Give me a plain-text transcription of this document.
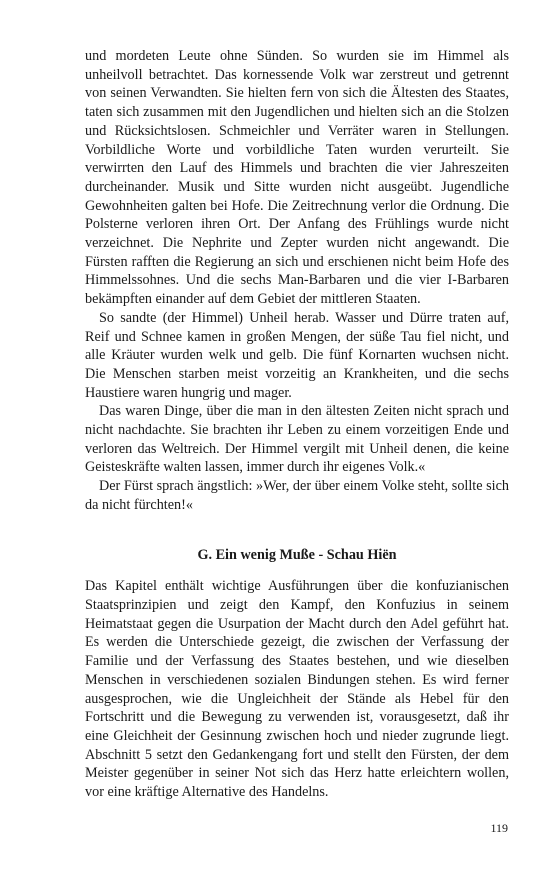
und mordeten Leute ohne Sünden. So wurden sie im Himmel als unheilvoll betrachtet. Das kornessende Volk war zerstreut und getrennt von seinen Verwandten. Sie hielten fern von sich die Ältesten des Staates, taten sich zusammen mit den Jugendlichen und hielten sich an die Stolzen und Rücksichtslosen. Schmeichler und Verräter waren in Stellungen. Vorbildliche Worte und vorbildliche Taten wurden verurteilt. Sie verwirrten den Lauf des Himmels und brachten die vier Jahreszeiten durcheinander. Musik und Sitte wurden nicht ausgeübt. Jugendliche Gewohnheiten galten bei Hofe. Die Zeitrechnung verlor die Ordnung. Die Polsterne verloren ihren Ort. Der Anfang des Frühlings wurde nicht verzeichnet. Die Nephrite und Zepter wurden nicht angewandt. Die Fürsten rafften die Regierung an sich und erschienen nicht beim Hofe des Himmelssohnes. Und die sechs Man-Barbaren und die vier I-Barbaren bekämpften einander auf dem Gebiet der mittleren Staaten.

So sandte (der Himmel) Unheil herab. Wasser und Dürre traten auf, Reif und Schnee kamen in großen Mengen, der süße Tau fiel nicht, und alle Kräuter wurden welk und gelb. Die fünf Kornarten wuchsen nicht. Die Menschen starben meist vorzeitig an Krankheiten, und die sechs Haustiere waren hungrig und mager.

Das waren Dinge, über die man in den ältesten Zeiten nicht sprach und nicht nachdachte. Sie brachten ihr Leben zu einem vorzeitigen Ende und verloren das Weltreich. Der Himmel vergilt mit Unheil denen, die keine Geisteskräfte walten lassen, immer durch ihr eigenes Volk.«

Der Fürst sprach ängstlich: »Wer, der über einem Volke steht, sollte sich da nicht fürchten!«

G. Ein wenig Muße - Schau Hiën

Das Kapitel enthält wichtige Ausführungen über die konfuzianischen Staatsprinzipien und zeigt den Kampf, den Konfuzius in seinem Heimatstaat gegen die Usurpation der Macht durch den Adel geführt hat. Es werden die Unterschiede gezeigt, die zwischen der Verfassung der Familie und der Verfassung des Staates bestehen, und wie dieselben Menschen in verschiedenen sozialen Bindungen stehen. Es wird ferner ausgesprochen, wie die Ungleichheit der Stände als Hebel für den Fortschritt und die Bewegung zu verwenden ist, vorausgesetzt, daß ihr eine Gleichheit der Gesinnung zwischen hoch und nieder zugrunde liegt. Abschnitt 5 setzt den Gedankengang fort und stellt den Fürsten, der dem Meister gegenüber in seiner Not sich das Herz hatte erleichtern wollen, vor eine kräftige Alternative des Handelns.

119
